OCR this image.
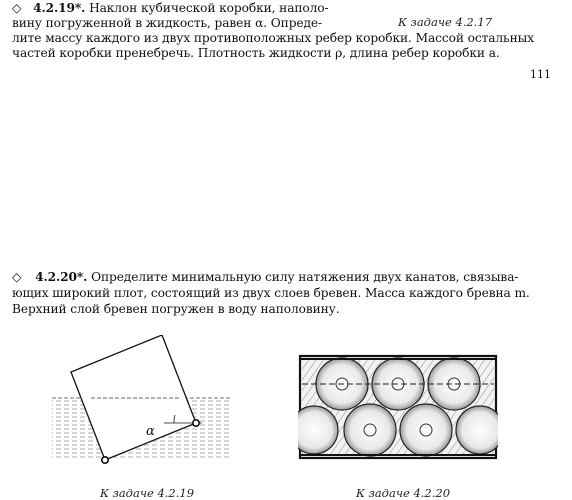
◇ 4.2.19*. Наклон кубической коробки, наполо-
вину погруженной в жидкость, равен α. Опреде-
лите массу каждого из двух противоположных ребер коробки. Массой остальных
частей коробки пренебречь. Плотность жидкости ρ, длина ребер коробки a.
К задаче 4.2.17
111
◇ 4.2.20*. Определите минимальную силу натяжения двух канатов, связыва-
ющих широкий плот, состоящий из двух слоев бревен. Масса каждого бревна m.
Верхний слой бревен погружен в воду наполовину.
α
К задаче 4.2.19	К задаче 4.2.20
